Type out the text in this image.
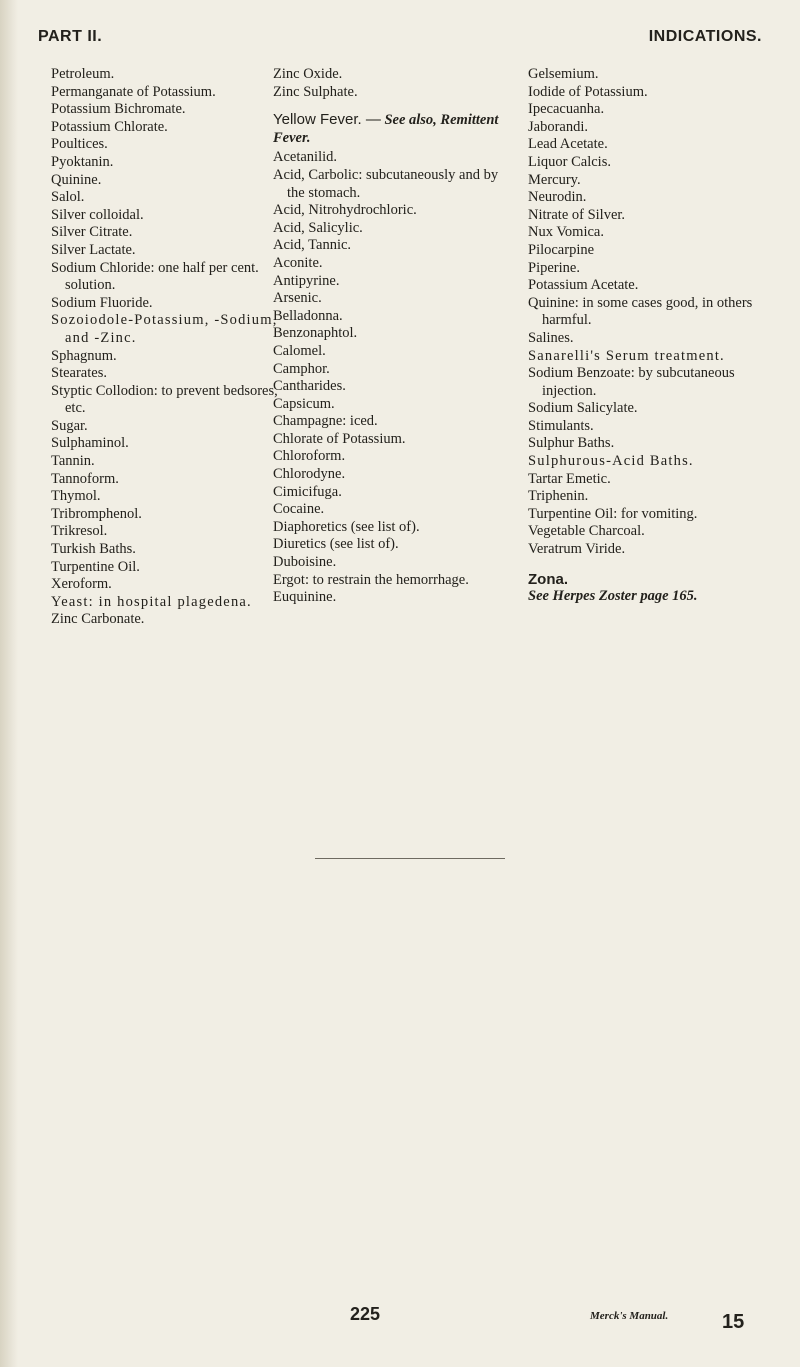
PART II.	INDICATIONS.
Petroleum.
Permanganate of Potassium.
Potassium Bichromate.
Potassium Chlorate.
Poultices.
Pyoktanin.
Quinine.
Salol.
Silver colloidal.
Silver Citrate.
Silver Lactate.
Sodium Chloride: one half per cent. solution.
Sodium Fluoride.
Sozoiodole-Potassium, -Sodium, and -Zinc.
Sphagnum.
Stearates.
Styptic Collodion: to prevent bedsores, etc.
Sugar.
Sulphaminol.
Tannin.
Tannoform.
Thymol.
Tribromphenol.
Trikresol.
Turkish Baths.
Turpentine Oil.
Xeroform.
Yeast: in hospital plagedena.
Zinc Carbonate.
Zinc Oxide.
Zinc Sulphate.
Yellow Fever. — See also, Remittent Fever.
Acetanilid.
Acid, Carbolic: subcutaneously and by the stomach.
Acid, Nitrohydrochloric.
Acid, Salicylic.
Acid, Tannic.
Aconite.
Antipyrine.
Arsenic.
Belladonna.
Benzonaphtol.
Calomel.
Camphor.
Cantharides.
Capsicum.
Champagne: iced.
Chlorate of Potassium.
Chloroform.
Chlorodyne.
Cimicifuga.
Cocaine.
Diaphoretics (see list of).
Diuretics (see list of).
Duboisine.
Ergot: to restrain the hemorrhage.
Euquinine.
Gelsemium.
Iodide of Potassium.
Ipecacuanha.
Jaborandi.
Lead Acetate.
Liquor Calcis.
Mercury.
Neurodin.
Nitrate of Silver.
Nux Vomica.
Pilocarpine
Piperine.
Potassium Acetate.
Quinine: in some cases good, in others harmful.
Salines.
Sanarelli's Serum treatment.
Sodium Benzoate: by subcutaneous injection.
Sodium Salicylate.
Stimulants.
Sulphur Baths.
Sulphurous-Acid Baths.
Tartar Emetic.
Triphenin.
Turpentine Oil: for vomiting.
Vegetable Charcoal.
Veratrum Viride.
Zona.
See Herpes Zoster page 165.
225	Merck's Manual.	15
